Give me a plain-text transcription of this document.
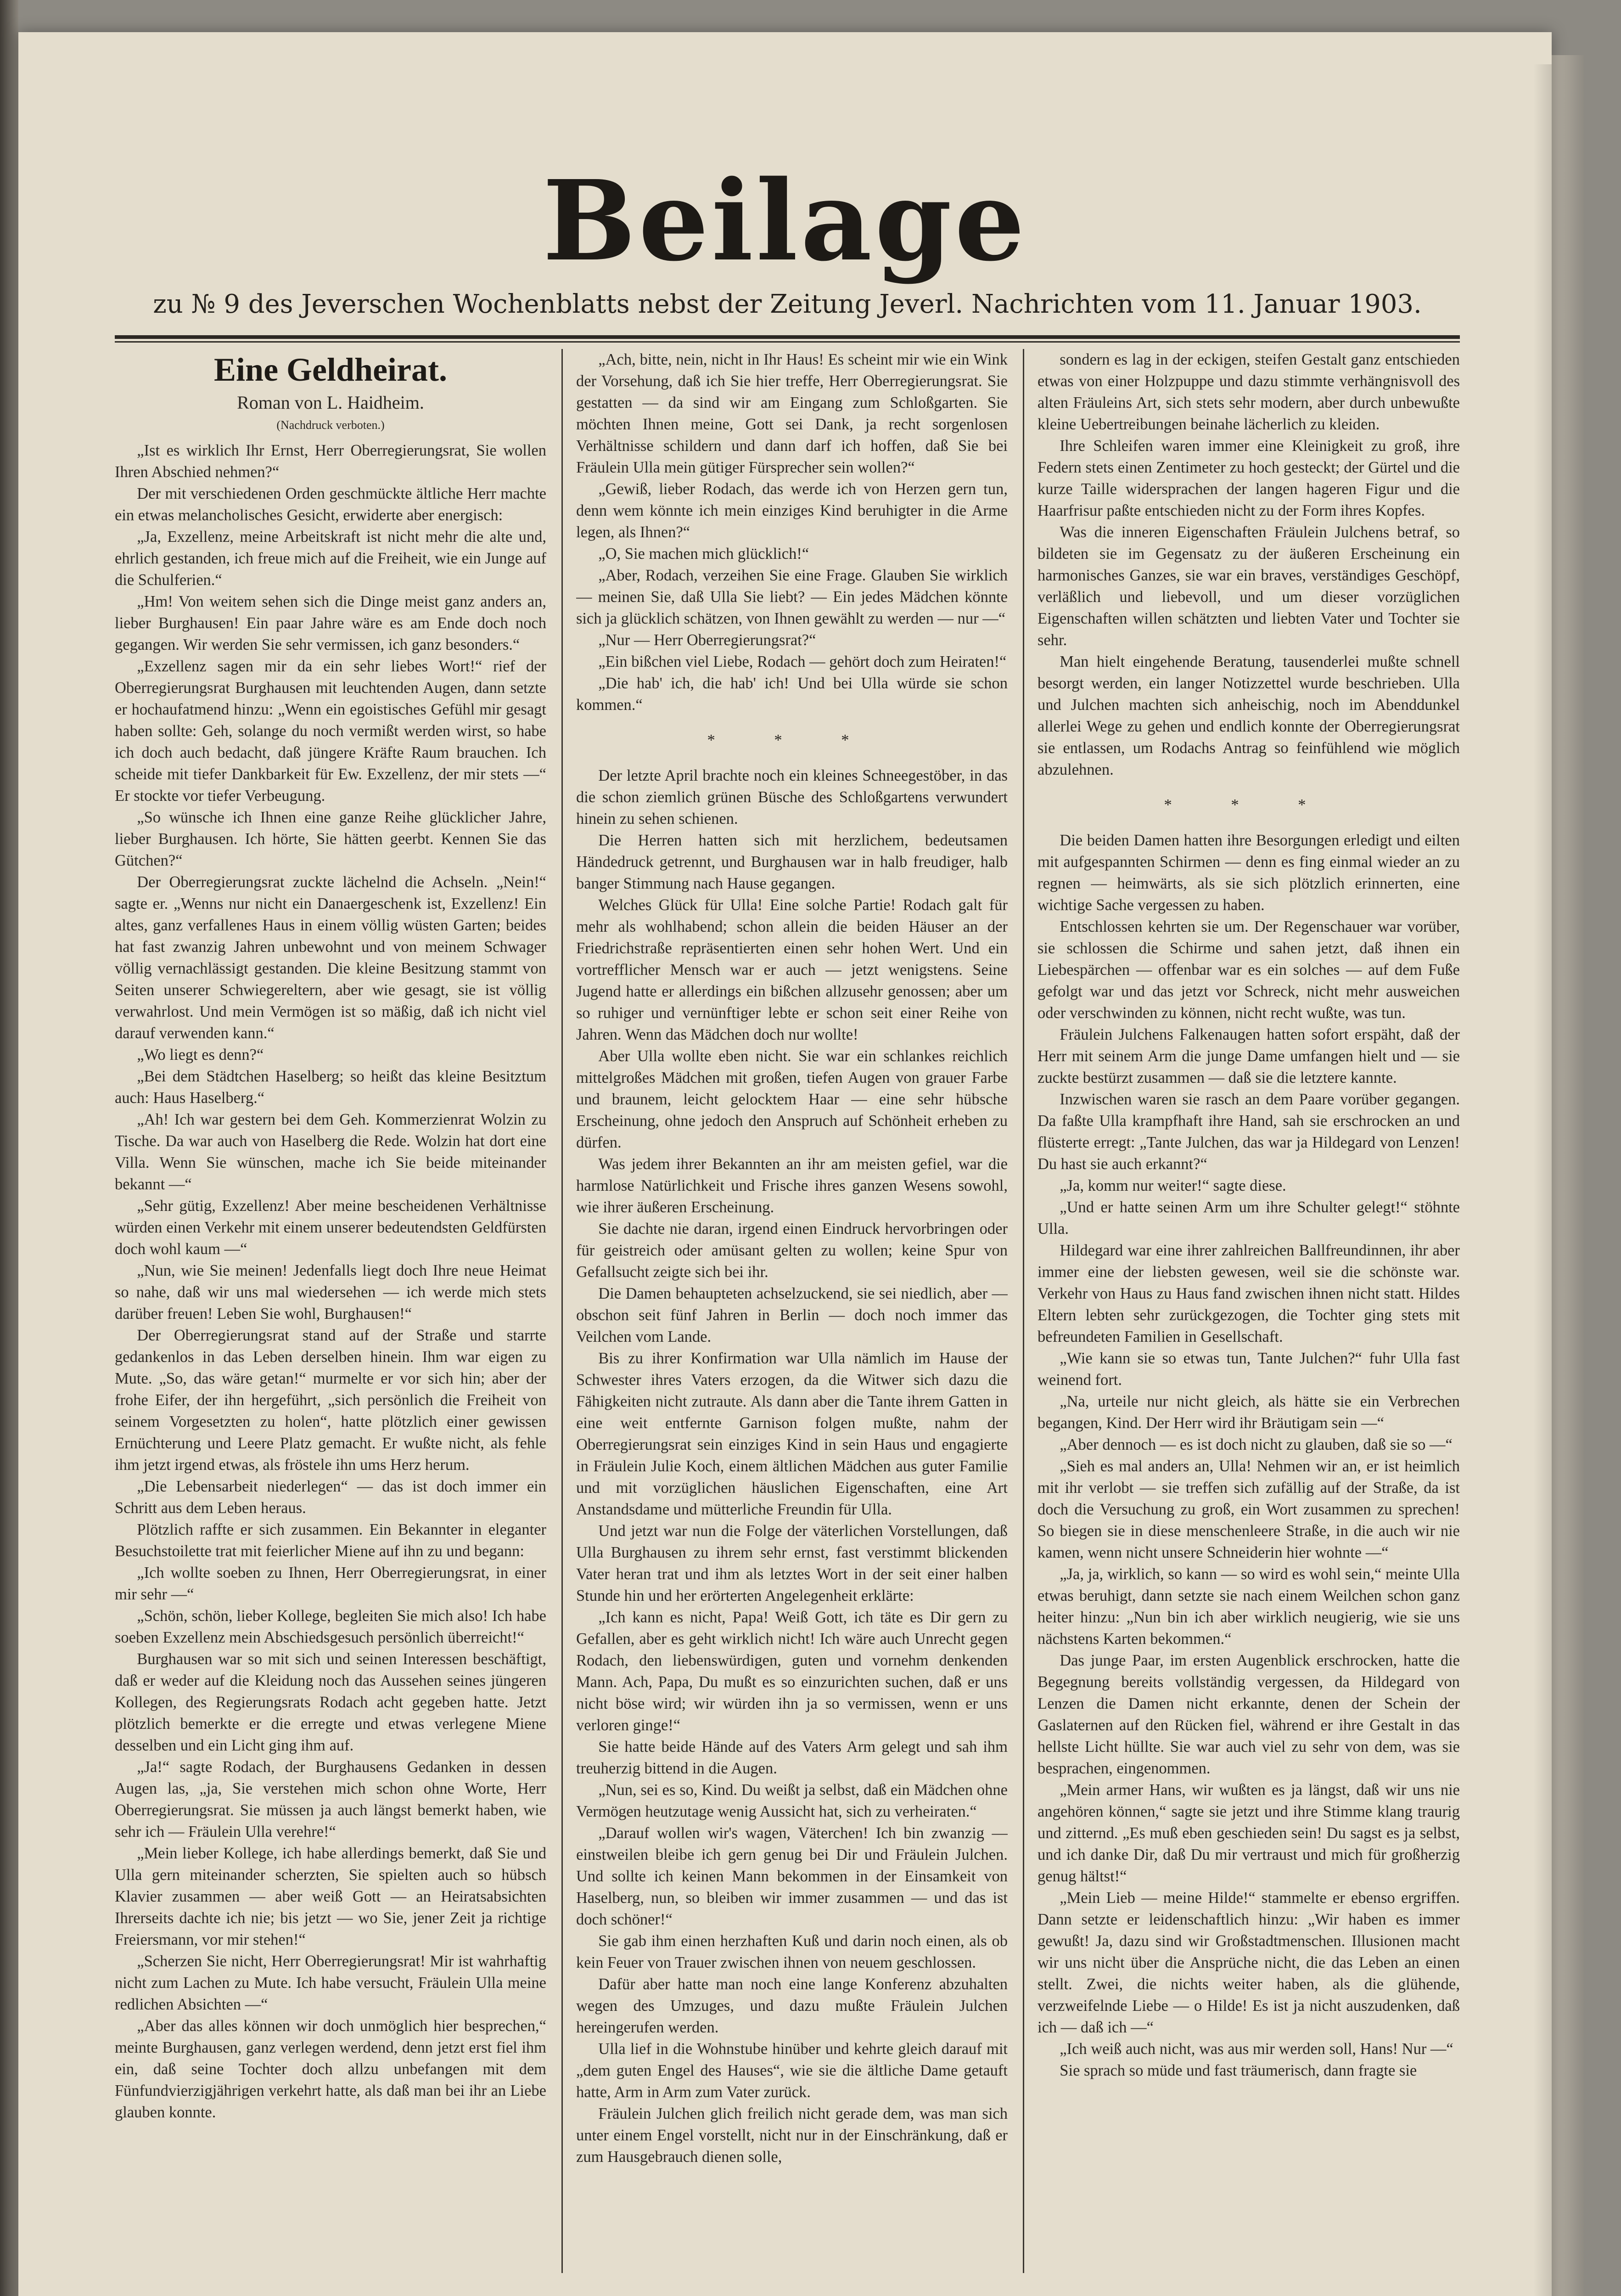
Beilage
zu № 9 des Jeverschen Wochenblatts nebst der Zeitung Jeverl. Nachrichten vom 11. Januar 1903.

Eine Geldheirat.

Roman von L. Haidheim.

(Nachdruck verboten.)

„Ist es wirklich Ihr Ernst, Herr Oberregierungsrat, Sie wollen Ihren Abschied nehmen?“

Der mit verschiedenen Orden geschmückte ältliche Herr machte ein etwas melancholisches Gesicht, erwiderte aber energisch:

„Ja, Exzellenz, meine Arbeitskraft ist nicht mehr die alte und, ehrlich gestanden, ich freue mich auf die Freiheit, wie ein Junge auf die Schulferien.“

„Hm! Von weitem sehen sich die Dinge meist ganz anders an, lieber Burghausen! Ein paar Jahre wäre es am Ende doch noch gegangen. Wir werden Sie sehr vermissen, ich ganz besonders.“

„Exzellenz sagen mir da ein sehr liebes Wort!“ rief der Oberregierungsrat Burghausen mit leuchtenden Augen, dann setzte er hochaufatmend hinzu: „Wenn ein egoistisches Gefühl mir gesagt haben sollte: Geh, solange du noch vermißt werden wirst, so habe ich doch auch bedacht, daß jüngere Kräfte Raum brauchen. Ich scheide mit tiefer Dankbarkeit für Ew. Exzellenz, der mir stets —“ Er stockte vor tiefer Verbeugung.

„So wünsche ich Ihnen eine ganze Reihe glücklicher Jahre, lieber Burghausen. Ich hörte, Sie hätten geerbt. Kennen Sie das Gütchen?“

Der Oberregierungsrat zuckte lächelnd die Achseln. „Nein!“ sagte er. „Wenns nur nicht ein Danaergeschenk ist, Exzellenz! Ein altes, ganz verfallenes Haus in einem völlig wüsten Garten; beides hat fast zwanzig Jahren unbewohnt und von meinem Schwager völlig vernachlässigt gestanden. Die kleine Besitzung stammt von Seiten unserer Schwiegereltern, aber wie gesagt, sie ist völlig verwahrlost. Und mein Vermögen ist so mäßig, daß ich nicht viel darauf verwenden kann.“

„Wo liegt es denn?“

„Bei dem Städtchen Haselberg; so heißt das kleine Besitztum auch: Haus Haselberg.“

„Ah! Ich war gestern bei dem Geh. Kommerzienrat Wolzin zu Tische. Da war auch von Haselberg die Rede. Wolzin hat dort eine Villa. Wenn Sie wünschen, mache ich Sie beide miteinander bekannt —“

„Sehr gütig, Exzellenz! Aber meine bescheidenen Verhältnisse würden einen Verkehr mit einem unserer bedeutendsten Geldfürsten doch wohl kaum —“

„Nun, wie Sie meinen! Jedenfalls liegt doch Ihre neue Heimat so nahe, daß wir uns mal wiedersehen — ich werde mich stets darüber freuen! Leben Sie wohl, Burghausen!“

Der Oberregierungsrat stand auf der Straße und starrte gedankenlos in das Leben derselben hinein. Ihm war eigen zu Mute. „So, das wäre getan!“ murmelte er vor sich hin; aber der frohe Eifer, der ihn hergeführt, „sich persönlich die Freiheit von seinem Vorgesetzten zu holen“, hatte plötzlich einer gewissen Ernüchterung und Leere Platz gemacht. Er wußte nicht, als fehle ihm jetzt irgend etwas, als fröstele ihn ums Herz herum.

„Die Lebensarbeit niederlegen“ — das ist doch immer ein Schritt aus dem Leben heraus.

Plötzlich raffte er sich zusammen. Ein Bekannter in eleganter Besuchstoilette trat mit feierlicher Miene auf ihn zu und begann:

„Ich wollte soeben zu Ihnen, Herr Oberregierungsrat, in einer mir sehr —“

„Schön, schön, lieber Kollege, begleiten Sie mich also! Ich habe soeben Exzellenz mein Abschiedsgesuch persönlich überreicht!“

Burghausen war so mit sich und seinen Interessen beschäftigt, daß er weder auf die Kleidung noch das Aussehen seines jüngeren Kollegen, des Regierungsrats Rodach acht gegeben hatte. Jetzt plötzlich bemerkte er die erregte und etwas verlegene Miene desselben und ein Licht ging ihm auf.

„Ja!“ sagte Rodach, der Burghausens Gedanken in dessen Augen las, „ja, Sie verstehen mich schon ohne Worte, Herr Oberregierungsrat. Sie müssen ja auch längst bemerkt haben, wie sehr ich — Fräulein Ulla verehre!“

„Mein lieber Kollege, ich habe allerdings bemerkt, daß Sie und Ulla gern miteinander scherzten, Sie spielten auch so hübsch Klavier zusammen — aber weiß Gott — an Heiratsabsichten Ihrerseits dachte ich nie; bis jetzt — wo Sie, jener Zeit ja richtige Freiersmann, vor mir stehen!“

„Scherzen Sie nicht, Herr Oberregierungsrat! Mir ist wahrhaftig nicht zum Lachen zu Mute. Ich habe versucht, Fräulein Ulla meine redlichen Absichten —“

„Aber das alles können wir doch unmöglich hier besprechen,“ meinte Burghausen, ganz verlegen werdend, denn jetzt erst fiel ihm ein, daß seine Tochter doch allzu unbefangen mit dem Fünfundvierzigjährigen verkehrt hatte, als daß man bei ihr an Liebe glauben konnte.

„Ach, bitte, nein, nicht in Ihr Haus! Es scheint mir wie ein Wink der Vorsehung, daß ich Sie hier treffe, Herr Oberregierungsrat. Sie gestatten — da sind wir am Eingang zum Schloßgarten. Sie möchten Ihnen meine, Gott sei Dank, ja recht sorgenlosen Verhältnisse schildern und dann darf ich hoffen, daß Sie bei Fräulein Ulla mein gütiger Fürsprecher sein wollen?“

„Gewiß, lieber Rodach, das werde ich von Herzen gern tun, denn wem könnte ich mein einziges Kind beruhigter in die Arme legen, als Ihnen?“

„O, Sie machen mich glücklich!“

„Aber, Rodach, verzeihen Sie eine Frage. Glauben Sie wirklich — meinen Sie, daß Ulla Sie liebt? — Ein jedes Mädchen könnte sich ja glücklich schätzen, von Ihnen gewählt zu werden — nur —“

„Nur — Herr Oberregierungsrat?“

„Ein bißchen viel Liebe, Rodach — gehört doch zum Heiraten!“

„Die hab' ich, die hab' ich! Und bei Ulla würde sie schon kommen.“

* * *

Der letzte April brachte noch ein kleines Schneegestöber, in das die schon ziemlich grünen Büsche des Schloßgartens verwundert hinein zu sehen schienen.

Die Herren hatten sich mit herzlichem, bedeutsamen Händedruck getrennt, und Burghausen war in halb freudiger, halb banger Stimmung nach Hause gegangen.

Welches Glück für Ulla! Eine solche Partie! Rodach galt für mehr als wohlhabend; schon allein die beiden Häuser an der Friedrichstraße repräsentierten einen sehr hohen Wert. Und ein vortrefflicher Mensch war er auch — jetzt wenigstens. Seine Jugend hatte er allerdings ein bißchen allzusehr genossen; aber um so ruhiger und vernünftiger lebte er schon seit einer Reihe von Jahren. Wenn das Mädchen doch nur wollte!

Aber Ulla wollte eben nicht. Sie war ein schlankes reichlich mittelgroßes Mädchen mit großen, tiefen Augen von grauer Farbe und braunem, leicht gelocktem Haar — eine sehr hübsche Erscheinung, ohne jedoch den Anspruch auf Schönheit erheben zu dürfen.

Was jedem ihrer Bekannten an ihr am meisten gefiel, war die harmlose Natürlichkeit und Frische ihres ganzen Wesens sowohl, wie ihrer äußeren Erscheinung.

Sie dachte nie daran, irgend einen Eindruck hervorbringen oder für geistreich oder amüsant gelten zu wollen; keine Spur von Gefallsucht zeigte sich bei ihr.

Die Damen behaupteten achselzuckend, sie sei niedlich, aber — obschon seit fünf Jahren in Berlin — doch noch immer das Veilchen vom Lande.

Bis zu ihrer Konfirmation war Ulla nämlich im Hause der Schwester ihres Vaters erzogen, da die Witwer sich dazu die Fähigkeiten nicht zutraute. Als dann aber die Tante ihrem Gatten in eine weit entfernte Garnison folgen mußte, nahm der Oberregierungsrat sein einziges Kind in sein Haus und engagierte in Fräulein Julie Koch, einem ältlichen Mädchen aus guter Familie und mit vorzüglichen häuslichen Eigenschaften, eine Art Anstandsdame und mütterliche Freundin für Ulla.

Und jetzt war nun die Folge der väterlichen Vorstellungen, daß Ulla Burghausen zu ihrem sehr ernst, fast verstimmt blickenden Vater heran trat und ihm als letztes Wort in der seit einer halben Stunde hin und her erörterten Angelegenheit erklärte:

„Ich kann es nicht, Papa! Weiß Gott, ich täte es Dir gern zu Gefallen, aber es geht wirklich nicht! Ich wäre auch Unrecht gegen Rodach, den liebenswürdigen, guten und vornehm denkenden Mann. Ach, Papa, Du mußt es so einzurichten suchen, daß er uns nicht böse wird; wir würden ihn ja so vermissen, wenn er uns verloren ginge!“

Sie hatte beide Hände auf des Vaters Arm gelegt und sah ihm treuherzig bittend in die Augen.

„Nun, sei es so, Kind. Du weißt ja selbst, daß ein Mädchen ohne Vermögen heutzutage wenig Aussicht hat, sich zu verheiraten.“

„Darauf wollen wir's wagen, Väterchen! Ich bin zwanzig — einstweilen bleibe ich gern genug bei Dir und Fräulein Julchen. Und sollte ich keinen Mann bekommen in der Einsamkeit von Haselberg, nun, so bleiben wir immer zusammen — und das ist doch schöner!“

Sie gab ihm einen herzhaften Kuß und darin noch einen, als ob kein Feuer von Trauer zwischen ihnen von neuem geschlossen.

Dafür aber hatte man noch eine lange Konferenz abzuhalten wegen des Umzuges, und dazu mußte Fräulein Julchen hereingerufen werden.

Ulla lief in die Wohnstube hinüber und kehrte gleich darauf mit „dem guten Engel des Hauses“, wie sie die ältliche Dame getauft hatte, Arm in Arm zum Vater zurück.

Fräulein Julchen glich freilich nicht gerade dem, was man sich unter einem Engel vorstellt, nicht nur in der Einschränkung, daß er zum Hausgebrauch dienen solle,

sondern es lag in der eckigen, steifen Gestalt ganz entschieden etwas von einer Holzpuppe und dazu stimmte verhängnisvoll des alten Fräuleins Art, sich stets sehr modern, aber durch unbewußte kleine Uebertreibungen beinahe lächerlich zu kleiden.

Ihre Schleifen waren immer eine Kleinigkeit zu groß, ihre Federn stets einen Zentimeter zu hoch gesteckt; der Gürtel und die kurze Taille widersprachen der langen hageren Figur und die Haarfrisur paßte entschieden nicht zu der Form ihres Kopfes.

Was die inneren Eigenschaften Fräulein Julchens betraf, so bildeten sie im Gegensatz zu der äußeren Erscheinung ein harmonisches Ganzes, sie war ein braves, verständiges Geschöpf, verläßlich und liebevoll, und um dieser vorzüglichen Eigenschaften willen schätzten und liebten Vater und Tochter sie sehr.

Man hielt eingehende Beratung, tausenderlei mußte schnell besorgt werden, ein langer Notizzettel wurde beschrieben. Ulla und Julchen machten sich anheischig, noch im Abenddunkel allerlei Wege zu gehen und endlich konnte der Oberregierungsrat sie entlassen, um Rodachs Antrag so feinfühlend wie möglich abzulehnen.

* * *

Die beiden Damen hatten ihre Besorgungen erledigt und eilten mit aufgespannten Schirmen — denn es fing einmal wieder an zu regnen — heimwärts, als sie sich plötzlich erinnerten, eine wichtige Sache vergessen zu haben.

Entschlossen kehrten sie um. Der Regenschauer war vorüber, sie schlossen die Schirme und sahen jetzt, daß ihnen ein Liebespärchen — offenbar war es ein solches — auf dem Fuße gefolgt war und das jetzt vor Schreck, nicht mehr ausweichen oder verschwinden zu können, nicht recht wußte, was tun.

Fräulein Julchens Falkenaugen hatten sofort erspäht, daß der Herr mit seinem Arm die junge Dame umfangen hielt und — sie zuckte bestürzt zusammen — daß sie die letztere kannte.

Inzwischen waren sie rasch an dem Paare vorüber gegangen. Da faßte Ulla krampfhaft ihre Hand, sah sie erschrocken an und flüsterte erregt: „Tante Julchen, das war ja Hildegard von Lenzen! Du hast sie auch erkannt?“

„Ja, komm nur weiter!“ sagte diese.

„Und er hatte seinen Arm um ihre Schulter gelegt!“ stöhnte Ulla.

Hildegard war eine ihrer zahlreichen Ballfreundinnen, ihr aber immer eine der liebsten gewesen, weil sie die schönste war. Verkehr von Haus zu Haus fand zwischen ihnen nicht statt. Hildes Eltern lebten sehr zurückgezogen, die Tochter ging stets mit befreundeten Familien in Gesellschaft.

„Wie kann sie so etwas tun, Tante Julchen?“ fuhr Ulla fast weinend fort.

„Na, urteile nur nicht gleich, als hätte sie ein Verbrechen begangen, Kind. Der Herr wird ihr Bräutigam sein —“

„Aber dennoch — es ist doch nicht zu glauben, daß sie so —“

„Sieh es mal anders an, Ulla! Nehmen wir an, er ist heimlich mit ihr verlobt — sie treffen sich zufällig auf der Straße, da ist doch die Versuchung zu groß, ein Wort zusammen zu sprechen! So biegen sie in diese menschenleere Straße, in die auch wir nie kamen, wenn nicht unsere Schneiderin hier wohnte —“

„Ja, ja, wirklich, so kann — so wird es wohl sein,“ meinte Ulla etwas beruhigt, dann setzte sie nach einem Weilchen schon ganz heiter hinzu: „Nun bin ich aber wirklich neugierig, wie sie uns nächstens Karten bekommen.“

Das junge Paar, im ersten Augenblick erschrocken, hatte die Begegnung bereits vollständig vergessen, da Hildegard von Lenzen die Damen nicht erkannte, denen der Schein der Gaslaternen auf den Rücken fiel, während er ihre Gestalt in das hellste Licht hüllte. Sie war auch viel zu sehr von dem, was sie besprachen, eingenommen.

„Mein armer Hans, wir wußten es ja längst, daß wir uns nie angehören können,“ sagte sie jetzt und ihre Stimme klang traurig und zitternd. „Es muß eben geschieden sein! Du sagst es ja selbst, und ich danke Dir, daß Du mir vertraust und mich für großherzig genug hältst!“

„Mein Lieb — meine Hilde!“ stammelte er ebenso ergriffen. Dann setzte er leidenschaftlich hinzu: „Wir haben es immer gewußt! Ja, dazu sind wir Großstadtmenschen. Illusionen macht wir uns nicht über die Ansprüche nicht, die das Leben an einen stellt. Zwei, die nichts weiter haben, als die glühende, verzweifelnde Liebe — o Hilde! Es ist ja nicht auszudenken, daß ich — daß ich —“

„Ich weiß auch nicht, was aus mir werden soll, Hans! Nur —“

Sie sprach so müde und fast träumerisch, dann fragte sie
